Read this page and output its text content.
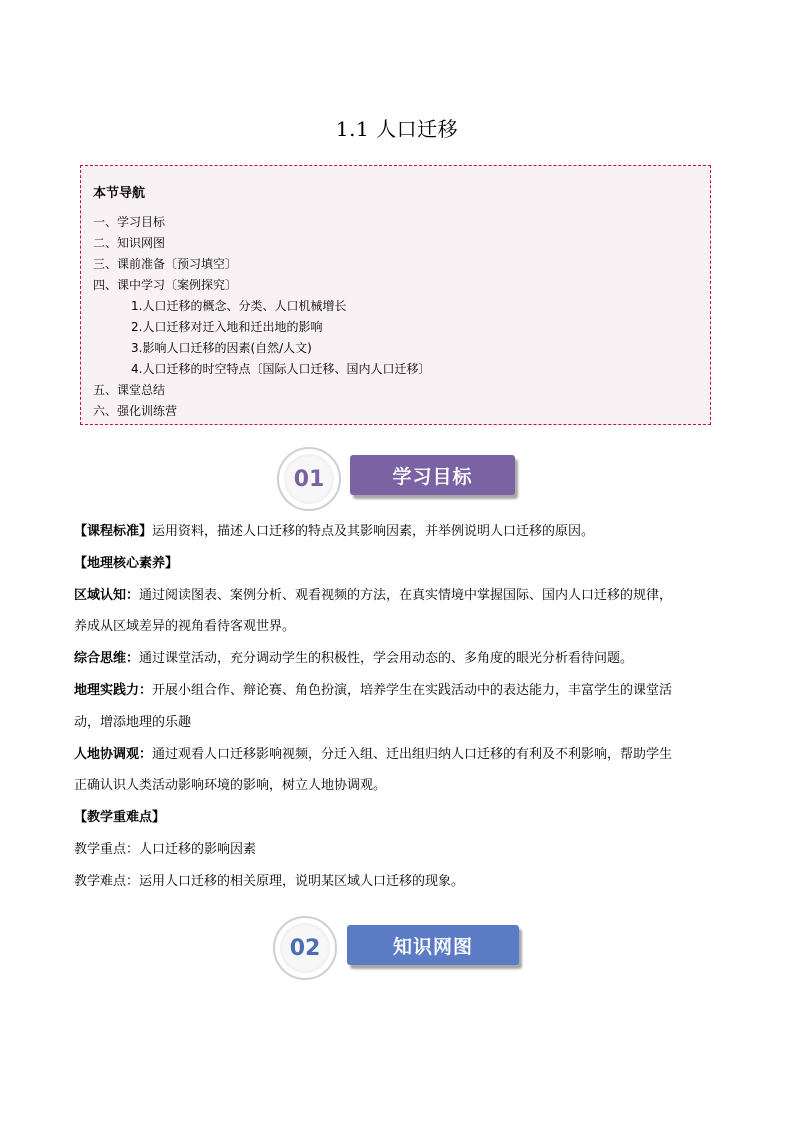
1.1 人口迁移
本节导航
一、学习目标
二、知识网图
三、课前准备〔预习填空〕
四、课中学习〔案例探究〕
1.人口迁移的概念、分类、人口机械增长
2.人口迁移对迁入地和迁出地的影响
3.影响人口迁移的因素(自然/人文)
4.人口迁移的时空特点〔国际人口迁移、国内人口迁移〕
五、课堂总结
六、强化训练营
01	学习目标
【课程标准】运用资料，描述人口迁移的特点及其影响因素，并举例说明人口迁移的原因。
【地理核心素养】
区域认知：通过阅读图表、案例分析、观看视频的方法，在真实情境中掌握国际、国内人口迁移的规律，
养成从区域差异的视角看待客观世界。
综合思维：通过课堂活动，充分调动学生的积极性，学会用动态的、多角度的眼光分析看待问题。
地理实践力：开展小组合作、辩论赛、角色扮演，培养学生在实践活动中的表达能力，丰富学生的课堂活
动，增添地理的乐趣
人地协调观：通过观看人口迁移影响视频，分迁入组、迁出组归纳人口迁移的有利及不利影响，帮助学生
正确认识人类活动影响环境的影响，树立人地协调观。
【教学重难点】
教学重点：人口迁移的影响因素
教学难点：运用人口迁移的相关原理，说明某区域人口迁移的现象。
02	知识网图
